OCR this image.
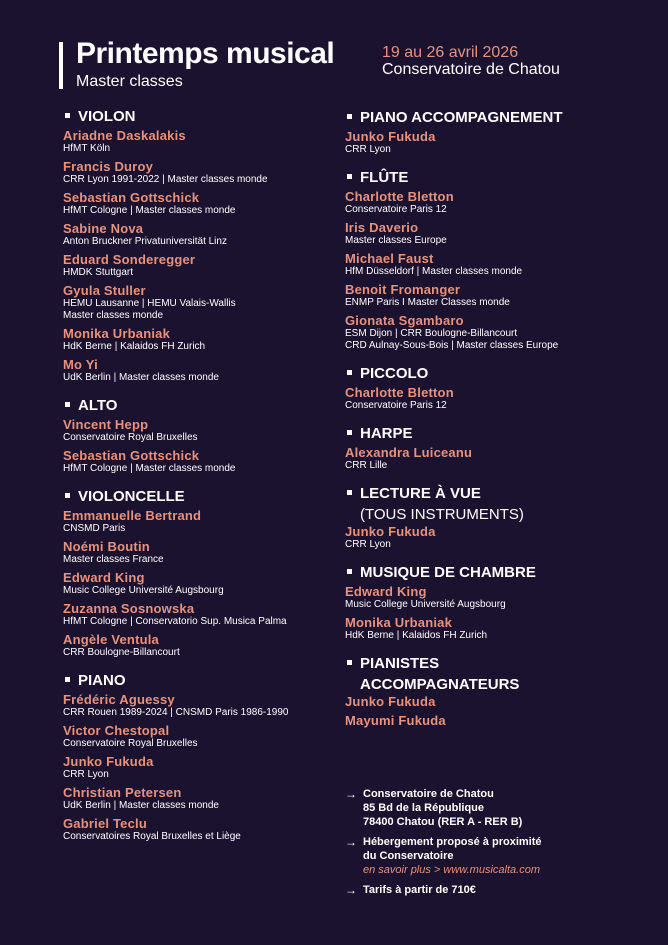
Printemps musical
Master classes
19 au 26 avril 2026
Conservatoire de Chatou
VIOLON
Ariadne Daskalakis
HfMT Köln
Francis Duroy
CRR Lyon 1991-2022 | Master classes monde
Sebastian Gottschick
HfMT Cologne | Master classes monde
Sabine Nova
Anton Bruckner Privatuniversität Linz
Eduard Sonderegger
HMDK Stuttgart
Gyula Stuller
HEMU Lausanne | HEMU Valais-Wallis
Master classes monde
Monika Urbaniak
HdK Berne | Kalaidos FH Zurich
Mo Yi
UdK Berlin | Master classes monde
ALTO
Vincent Hepp
Conservatoire Royal Bruxelles
Sebastian Gottschick
HfMT Cologne | Master classes monde
VIOLONCELLE
Emmanuelle Bertrand
CNSMD Paris
Noémi Boutin
Master classes France
Edward King
Music College Université Augsbourg
Zuzanna Sosnowska
HfMT Cologne | Conservatorio Sup. Musica Palma
Angèle Ventula
CRR Boulogne-Billancourt
PIANO
Frédéric Aguessy
CRR Rouen 1989-2024 | CNSMD Paris 1986-1990
Victor Chestopal
Conservatoire Royal Bruxelles
Junko Fukuda
CRR Lyon
Christian Petersen
UdK Berlin | Master classes monde
Gabriel Teclu
Conservatoires Royal Bruxelles et Liège
PIANO ACCOMPAGNEMENT
Junko Fukuda
CRR Lyon
FLÛTE
Charlotte Bletton
Conservatoire Paris 12
Iris Daverio
Master classes Europe
Michael Faust
HfM Düsseldorf | Master classes monde
Benoit Fromanger
ENMP Paris I Master Classes monde
Gionata Sgambaro
ESM Dijon | CRR Boulogne-Billancourt
CRD Aulnay-Sous-Bois | Master classes Europe
PICCOLO
Charlotte Bletton
Conservatoire Paris 12
HARPE
Alexandra Luiceanu
CRR Lille
LECTURE À VUE
(TOUS INSTRUMENTS)
Junko Fukuda
CRR Lyon
MUSIQUE DE CHAMBRE
Edward King
Music College Université Augsbourg
Monika Urbaniak
HdK Berne | Kalaidos FH Zurich
PIANISTES
ACCOMPAGNATEURS
Junko Fukuda
Mayumi Fukuda
→ Conservatoire de Chatou
85 Bd de la République
78400 Chatou (RER A - RER B)
→ Hébergement proposé à proximité
du Conservatoire
en savoir plus > www.musicalta.com
→ Tarifs à partir de 710€
